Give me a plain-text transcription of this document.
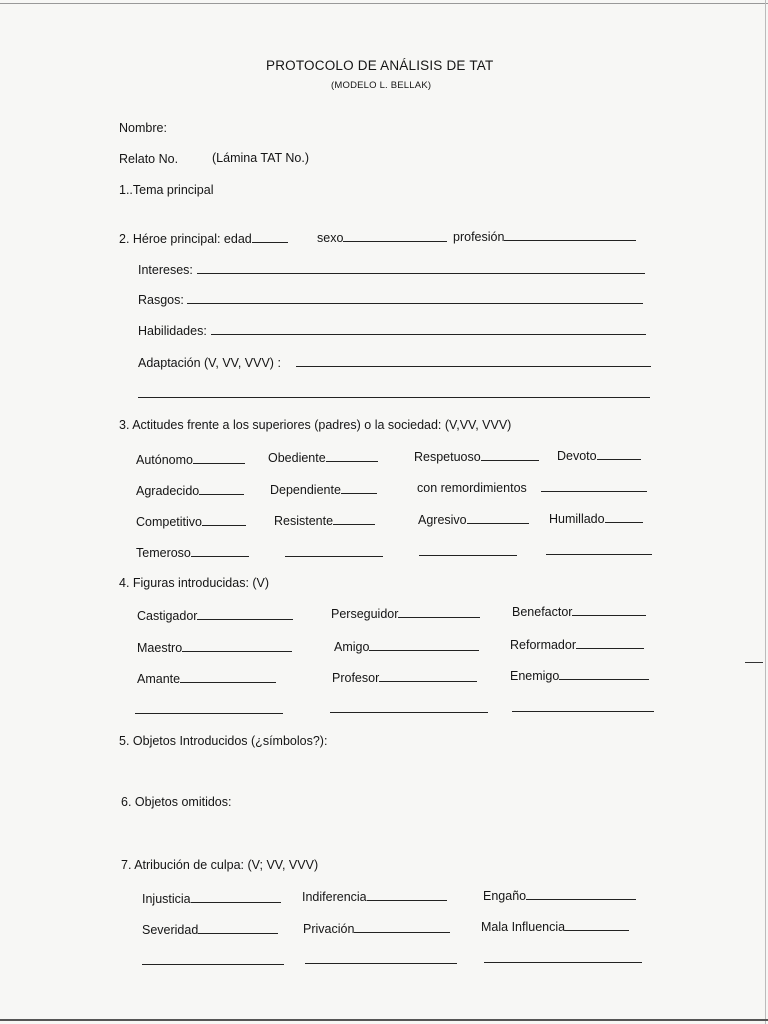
PROTOCOLO DE ANÁLISIS DE TAT
(MODELO L. BELLAK)
Nombre:
Relato No.	(Lámina TAT No.)
1..Tema principal
2. Héroe principal: edad	sexo	profesión
Intereses:
Rasgos:
Habilidades:
Adaptación (V, VV, VVV) :
3. Actitudes frente a los superiores (padres) o la sociedad: (V,VV, VVV)
Autónomo	Obediente	Respetuoso	Devoto
Agradecido	Dependiente	con remordimientos
Competitivo	Resistente	Agresivo	Humillado
Temeroso
4. Figuras introducidas: (V)
Castigador	Perseguidor	Benefactor
Maestro	Amigo	Reformador
Amante	Profesor	Enemigo
5. Objetos Introducidos (¿símbolos?):
6. Objetos omitidos:
7. Atribución de culpa: (V; VV, VVV)
Injusticia	Indiferencia	Engaño
Severidad	Privación	Mala Influencia
